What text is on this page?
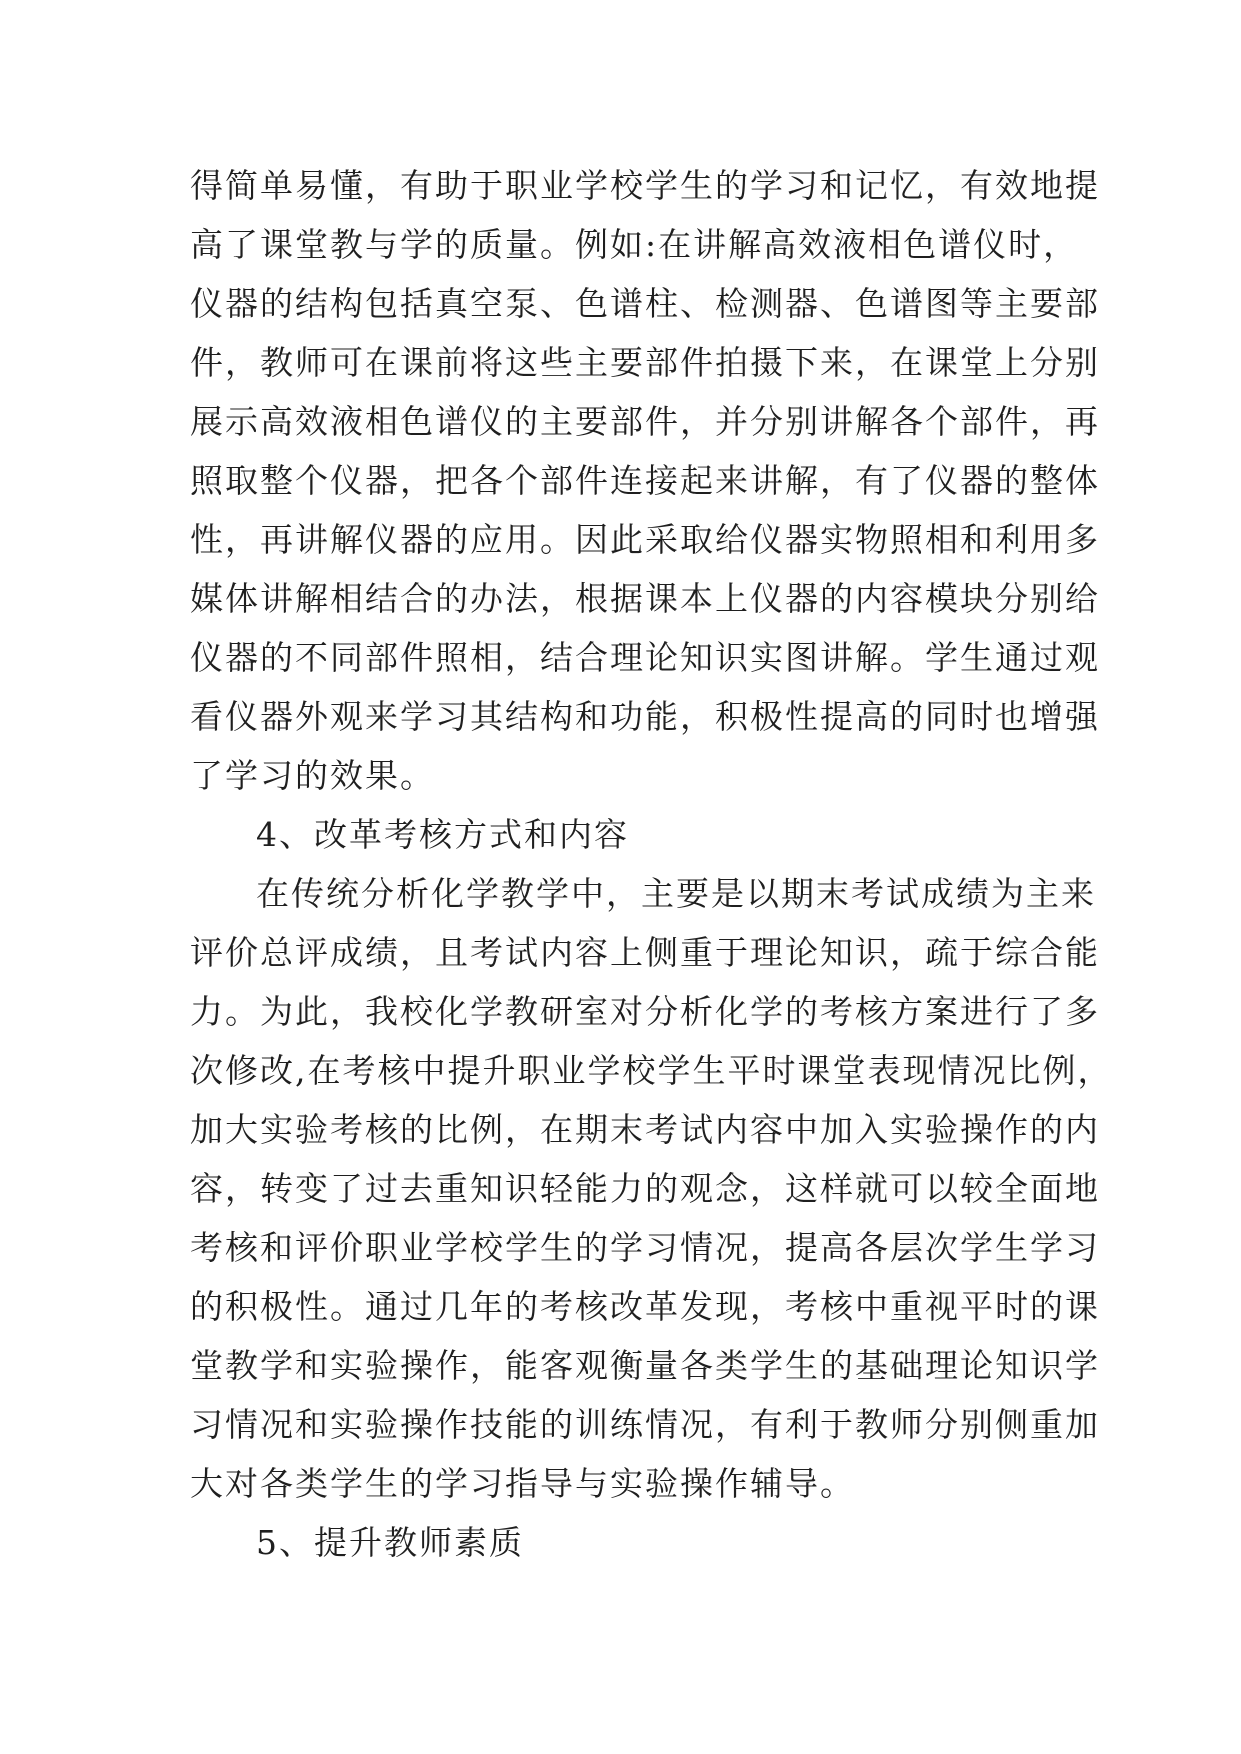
得简单易懂，有助于职业学校学生的学习和记忆，有效地提
高了课堂教与学的质量。例如:在讲解高效液相色谱仪时，
仪器的结构包括真空泵、色谱柱、检测器、色谱图等主要部
件，教师可在课前将这些主要部件拍摄下来，在课堂上分别
展示高效液相色谱仪的主要部件，并分别讲解各个部件，再
照取整个仪器，把各个部件连接起来讲解，有了仪器的整体
性，再讲解仪器的应用。因此采取给仪器实物照相和利用多
媒体讲解相结合的办法，根据课本上仪器的内容模块分别给
仪器的不同部件照相，结合理论知识实图讲解。学生通过观
看仪器外观来学习其结构和功能，积极性提高的同时也增强
了学习的效果。
4、改革考核方式和内容
在传统分析化学教学中，主要是以期末考试成绩为主来
评价总评成绩，且考试内容上侧重于理论知识，疏于综合能
力。为此，我校化学教研室对分析化学的考核方案进行了多
次修改,在考核中提升职业学校学生平时课堂表现情况比例，
加大实验考核的比例，在期末考试内容中加入实验操作的内
容，转变了过去重知识轻能力的观念，这样就可以较全面地
考核和评价职业学校学生的学习情况，提高各层次学生学习
的积极性。通过几年的考核改革发现，考核中重视平时的课
堂教学和实验操作，能客观衡量各类学生的基础理论知识学
习情况和实验操作技能的训练情况，有利于教师分别侧重加
大对各类学生的学习指导与实验操作辅导。
5、提升教师素质
